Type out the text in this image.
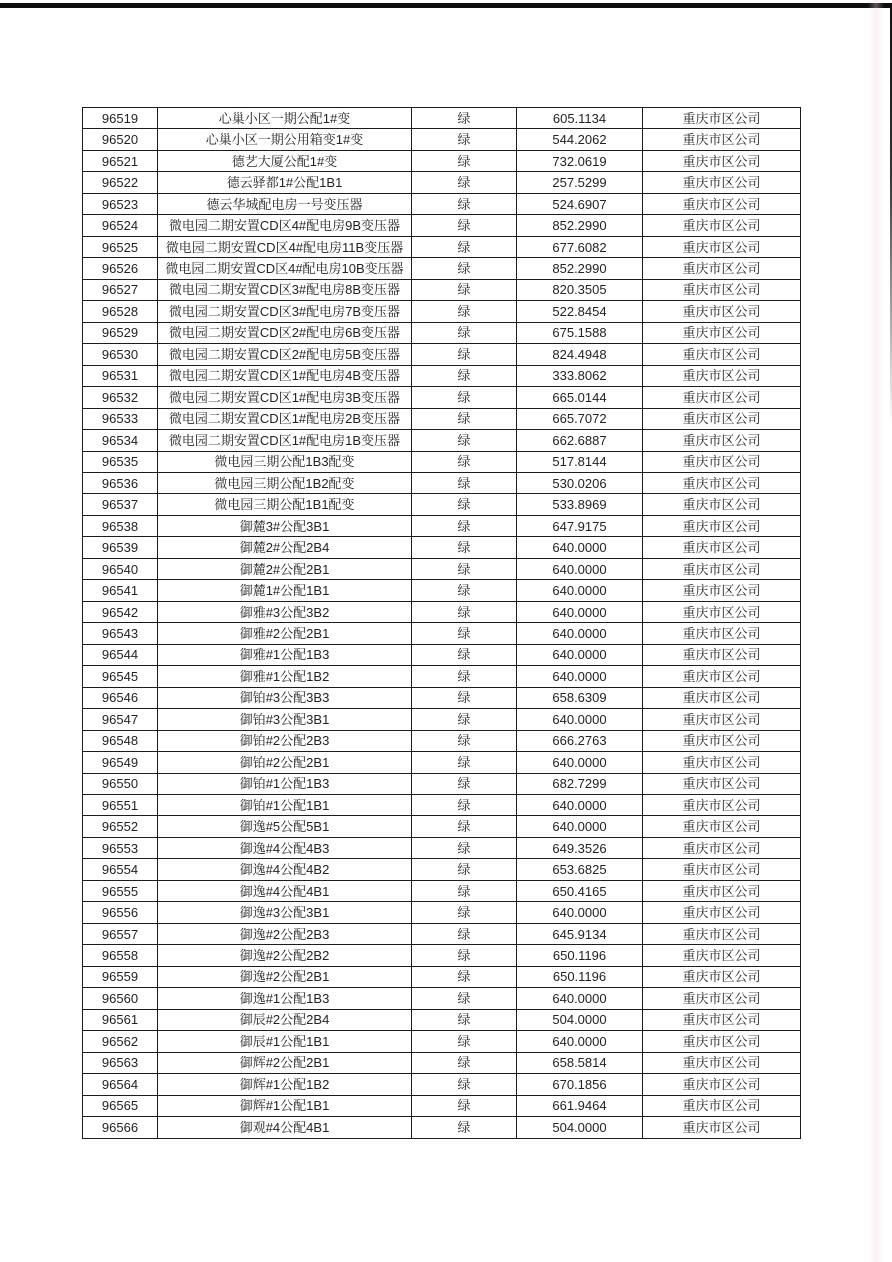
96519	心巢小区一期公配1#变	绿	605.1134	重庆市区公司
96520	心巢小区一期公用箱变1#变	绿	544.2062	重庆市区公司
96521	德艺大厦公配1#变	绿	732.0619	重庆市区公司
96522	德云驿都1#公配1B1	绿	257.5299	重庆市区公司
96523	德云华城配电房一号变压器	绿	524.6907	重庆市区公司
96524	微电园二期安置CD区4#配电房9B变压器	绿	852.2990	重庆市区公司
96525	微电园二期安置CD区4#配电房11B变压器	绿	677.6082	重庆市区公司
96526	微电园二期安置CD区4#配电房10B变压器	绿	852.2990	重庆市区公司
96527	微电园二期安置CD区3#配电房8B变压器	绿	820.3505	重庆市区公司
96528	微电园二期安置CD区3#配电房7B变压器	绿	522.8454	重庆市区公司
96529	微电园二期安置CD区2#配电房6B变压器	绿	675.1588	重庆市区公司
96530	微电园二期安置CD区2#配电房5B变压器	绿	824.4948	重庆市区公司
96531	微电园二期安置CD区1#配电房4B变压器	绿	333.8062	重庆市区公司
96532	微电园二期安置CD区1#配电房3B变压器	绿	665.0144	重庆市区公司
96533	微电园二期安置CD区1#配电房2B变压器	绿	665.7072	重庆市区公司
96534	微电园二期安置CD区1#配电房1B变压器	绿	662.6887	重庆市区公司
96535	微电园三期公配1B3配变	绿	517.8144	重庆市区公司
96536	微电园三期公配1B2配变	绿	530.0206	重庆市区公司
96537	微电园三期公配1B1配变	绿	533.8969	重庆市区公司
96538	御麓3#公配3B1	绿	647.9175	重庆市区公司
96539	御麓2#公配2B4	绿	640.0000	重庆市区公司
96540	御麓2#公配2B1	绿	640.0000	重庆市区公司
96541	御麓1#公配1B1	绿	640.0000	重庆市区公司
96542	御雅#3公配3B2	绿	640.0000	重庆市区公司
96543	御雅#2公配2B1	绿	640.0000	重庆市区公司
96544	御雅#1公配1B3	绿	640.0000	重庆市区公司
96545	御雅#1公配1B2	绿	640.0000	重庆市区公司
96546	御铂#3公配3B3	绿	658.6309	重庆市区公司
96547	御铂#3公配3B1	绿	640.0000	重庆市区公司
96548	御铂#2公配2B3	绿	666.2763	重庆市区公司
96549	御铂#2公配2B1	绿	640.0000	重庆市区公司
96550	御铂#1公配1B3	绿	682.7299	重庆市区公司
96551	御铂#1公配1B1	绿	640.0000	重庆市区公司
96552	御逸#5公配5B1	绿	640.0000	重庆市区公司
96553	御逸#4公配4B3	绿	649.3526	重庆市区公司
96554	御逸#4公配4B2	绿	653.6825	重庆市区公司
96555	御逸#4公配4B1	绿	650.4165	重庆市区公司
96556	御逸#3公配3B1	绿	640.0000	重庆市区公司
96557	御逸#2公配2B3	绿	645.9134	重庆市区公司
96558	御逸#2公配2B2	绿	650.1196	重庆市区公司
96559	御逸#2公配2B1	绿	650.1196	重庆市区公司
96560	御逸#1公配1B3	绿	640.0000	重庆市区公司
96561	御辰#2公配2B4	绿	504.0000	重庆市区公司
96562	御辰#1公配1B1	绿	640.0000	重庆市区公司
96563	御辉#2公配2B1	绿	658.5814	重庆市区公司
96564	御辉#1公配1B2	绿	670.1856	重庆市区公司
96565	御辉#1公配1B1	绿	661.9464	重庆市区公司
96566	御观#4公配4B1	绿	504.0000	重庆市区公司
